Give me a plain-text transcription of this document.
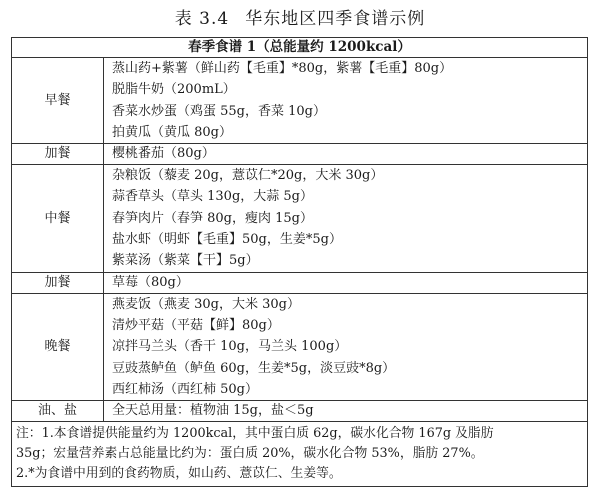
表 3.4 华东地区四季食谱示例
春季食谱 1（总能量约 1200kcal）	
早餐	蒸山药+紫薯（鲜山药【毛重】*80g，紫薯【毛重】80g）
脱脂牛奶（200mL）
香菜水炒蛋（鸡蛋 55g，香菜 10g）
拍黄瓜（黄瓜 80g）

加餐	樱桃番茄（80g）

中餐	杂粮饭（藜麦 20g，薏苡仁*20g，大米 30g）
蒜香草头（草头 130g，大蒜 5g）
春笋肉片（春笋 80g，瘦肉 15g）
盐水虾（明虾【毛重】50g，生姜*5g）
紫菜汤（紫菜【干】5g）

加餐	草莓（80g）

晚餐	燕麦饭（燕麦 30g，大米 30g）
清炒平菇（平菇【鲜】80g）
凉拌马兰头（香干 10g，马兰头 100g）
豆豉蒸鲈鱼（鲈鱼 60g，生姜*5g，淡豆豉*8g）
西红柿汤（西红柿 50g）

油、盐	全天总用量：植物油 15g，盐＜5g

注：1.本食谱提供能量约为 1200kcal，其中蛋白质 62g，碳水化合物 167g 及脂肪
35g；宏量营养素占总能量比约为：蛋白质 20%，碳水化合物 53%，脂肪 27%。
2.*为食谱中用到的食药物质，如山药、薏苡仁、生姜等。	
